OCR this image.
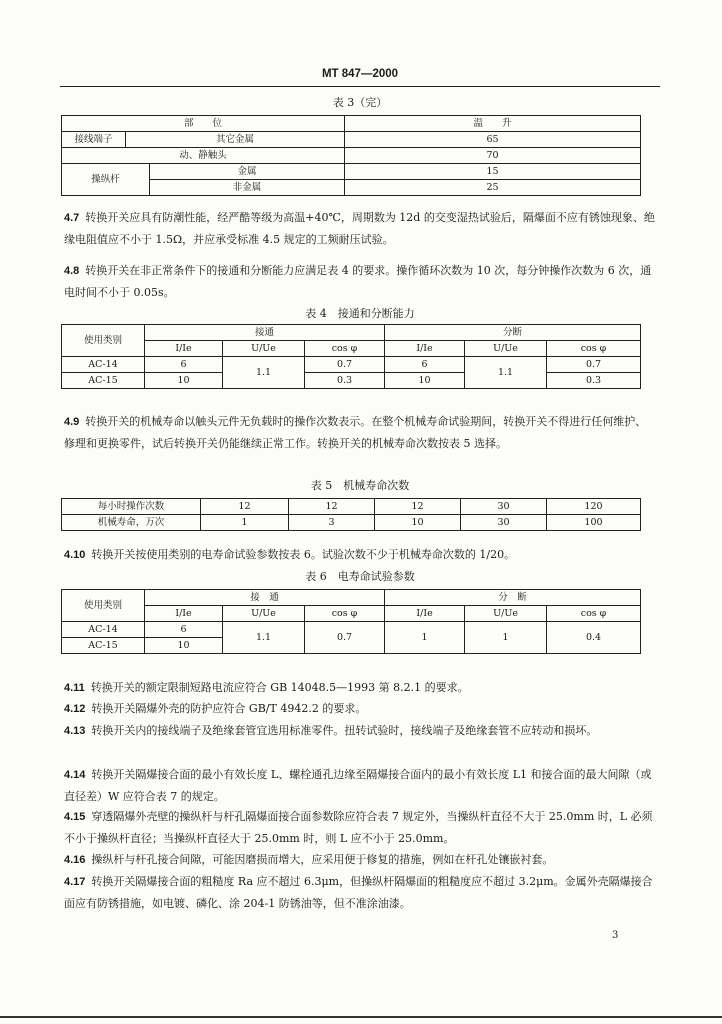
MT 847—2000
表 3（完）
部　　位			温　　升
接线端子	其它金属		65
动、静触头			70
操纵杆		金属	15
		非金属	25

4.7 转换开关应具有防潮性能，经严酷等级为高温+40℃，周期数为 12d 的交变湿热试验后，隔爆面不应有锈蚀现象、绝缘电阻值应不小于 1.5Ω，并应承受标准 4.5 规定的工频耐压试验。

4.8 转换开关在非正常条件下的接通和分断能力应满足表 4 的要求。操作循环次数为 10 次，每分钟操作次数为 6 次，通电时间不小于 0.05s。

表 4　接通和分断能力
使用类别	接通			分断		
	I/Ie	U/Ue	cos φ	I/Ie	U/Ue	cos φ
AC-14	6	1.1	0.7	6	1.1	0.7
AC-15	10		0.3	10		0.3

4.9 转换开关的机械寿命以触头元件无负载时的操作次数表示。在整个机械寿命试验期间，转换开关不得进行任何维护、修理和更换零件，试后转换开关仍能继续正常工作。转换开关的机械寿命次数按表 5 选择。

表 5　机械寿命次数
每小时操作次数	12	12	12	30	120
机械寿命，万次	1	3	10	30	100

4.10 转换开关按使用类别的电寿命试验参数按表 6。试验次数不少于机械寿命次数的 1/20。

表 6　电寿命试验参数
使用类别	接　通			分　断		
	I/Ie	U/Ue	cos φ	I/Ie	U/Ue	cos φ
AC-14	6	1.1	0.7	1	1	0.4
AC-15	10					

4.11 转换开关的额定限制短路电流应符合 GB 14048.5—1993 第 8.2.1 的要求。

4.12 转换开关隔爆外壳的防护应符合 GB/T 4942.2 的要求。

4.13 转换开关内的接线端子及绝缘套管宜选用标准零件。扭转试验时，接线端子及绝缘套管不应转动和损坏。

4.14 转换开关隔爆接合面的最小有效长度 L、螺栓通孔边缘至隔爆接合面内的最小有效长度 L1 和接合面的最大间隙（或直径差）W 应符合表 7 的规定。

4.15 穿透隔爆外壳壁的操纵杆与杆孔隔爆面接合面参数除应符合表 7 规定外，当操纵杆直径不大于 25.0mm 时，L 必须不小于操纵杆直径；当操纵杆直径大于 25.0mm 时，则 L 应不小于 25.0mm。

4.16 操纵杆与杆孔接合间隙，可能因磨损而增大，应采用便于修复的措施，例如在杆孔处镶嵌衬套。

4.17 转换开关隔爆接合面的粗糙度 Ra 应不超过 6.3μm，但操纵杆隔爆面的粗糙度应不超过 3.2μm。金属外壳隔爆接合面应有防锈措施，如电镀、磷化、涂 204-1 防锈油等，但不准涂油漆。

3
